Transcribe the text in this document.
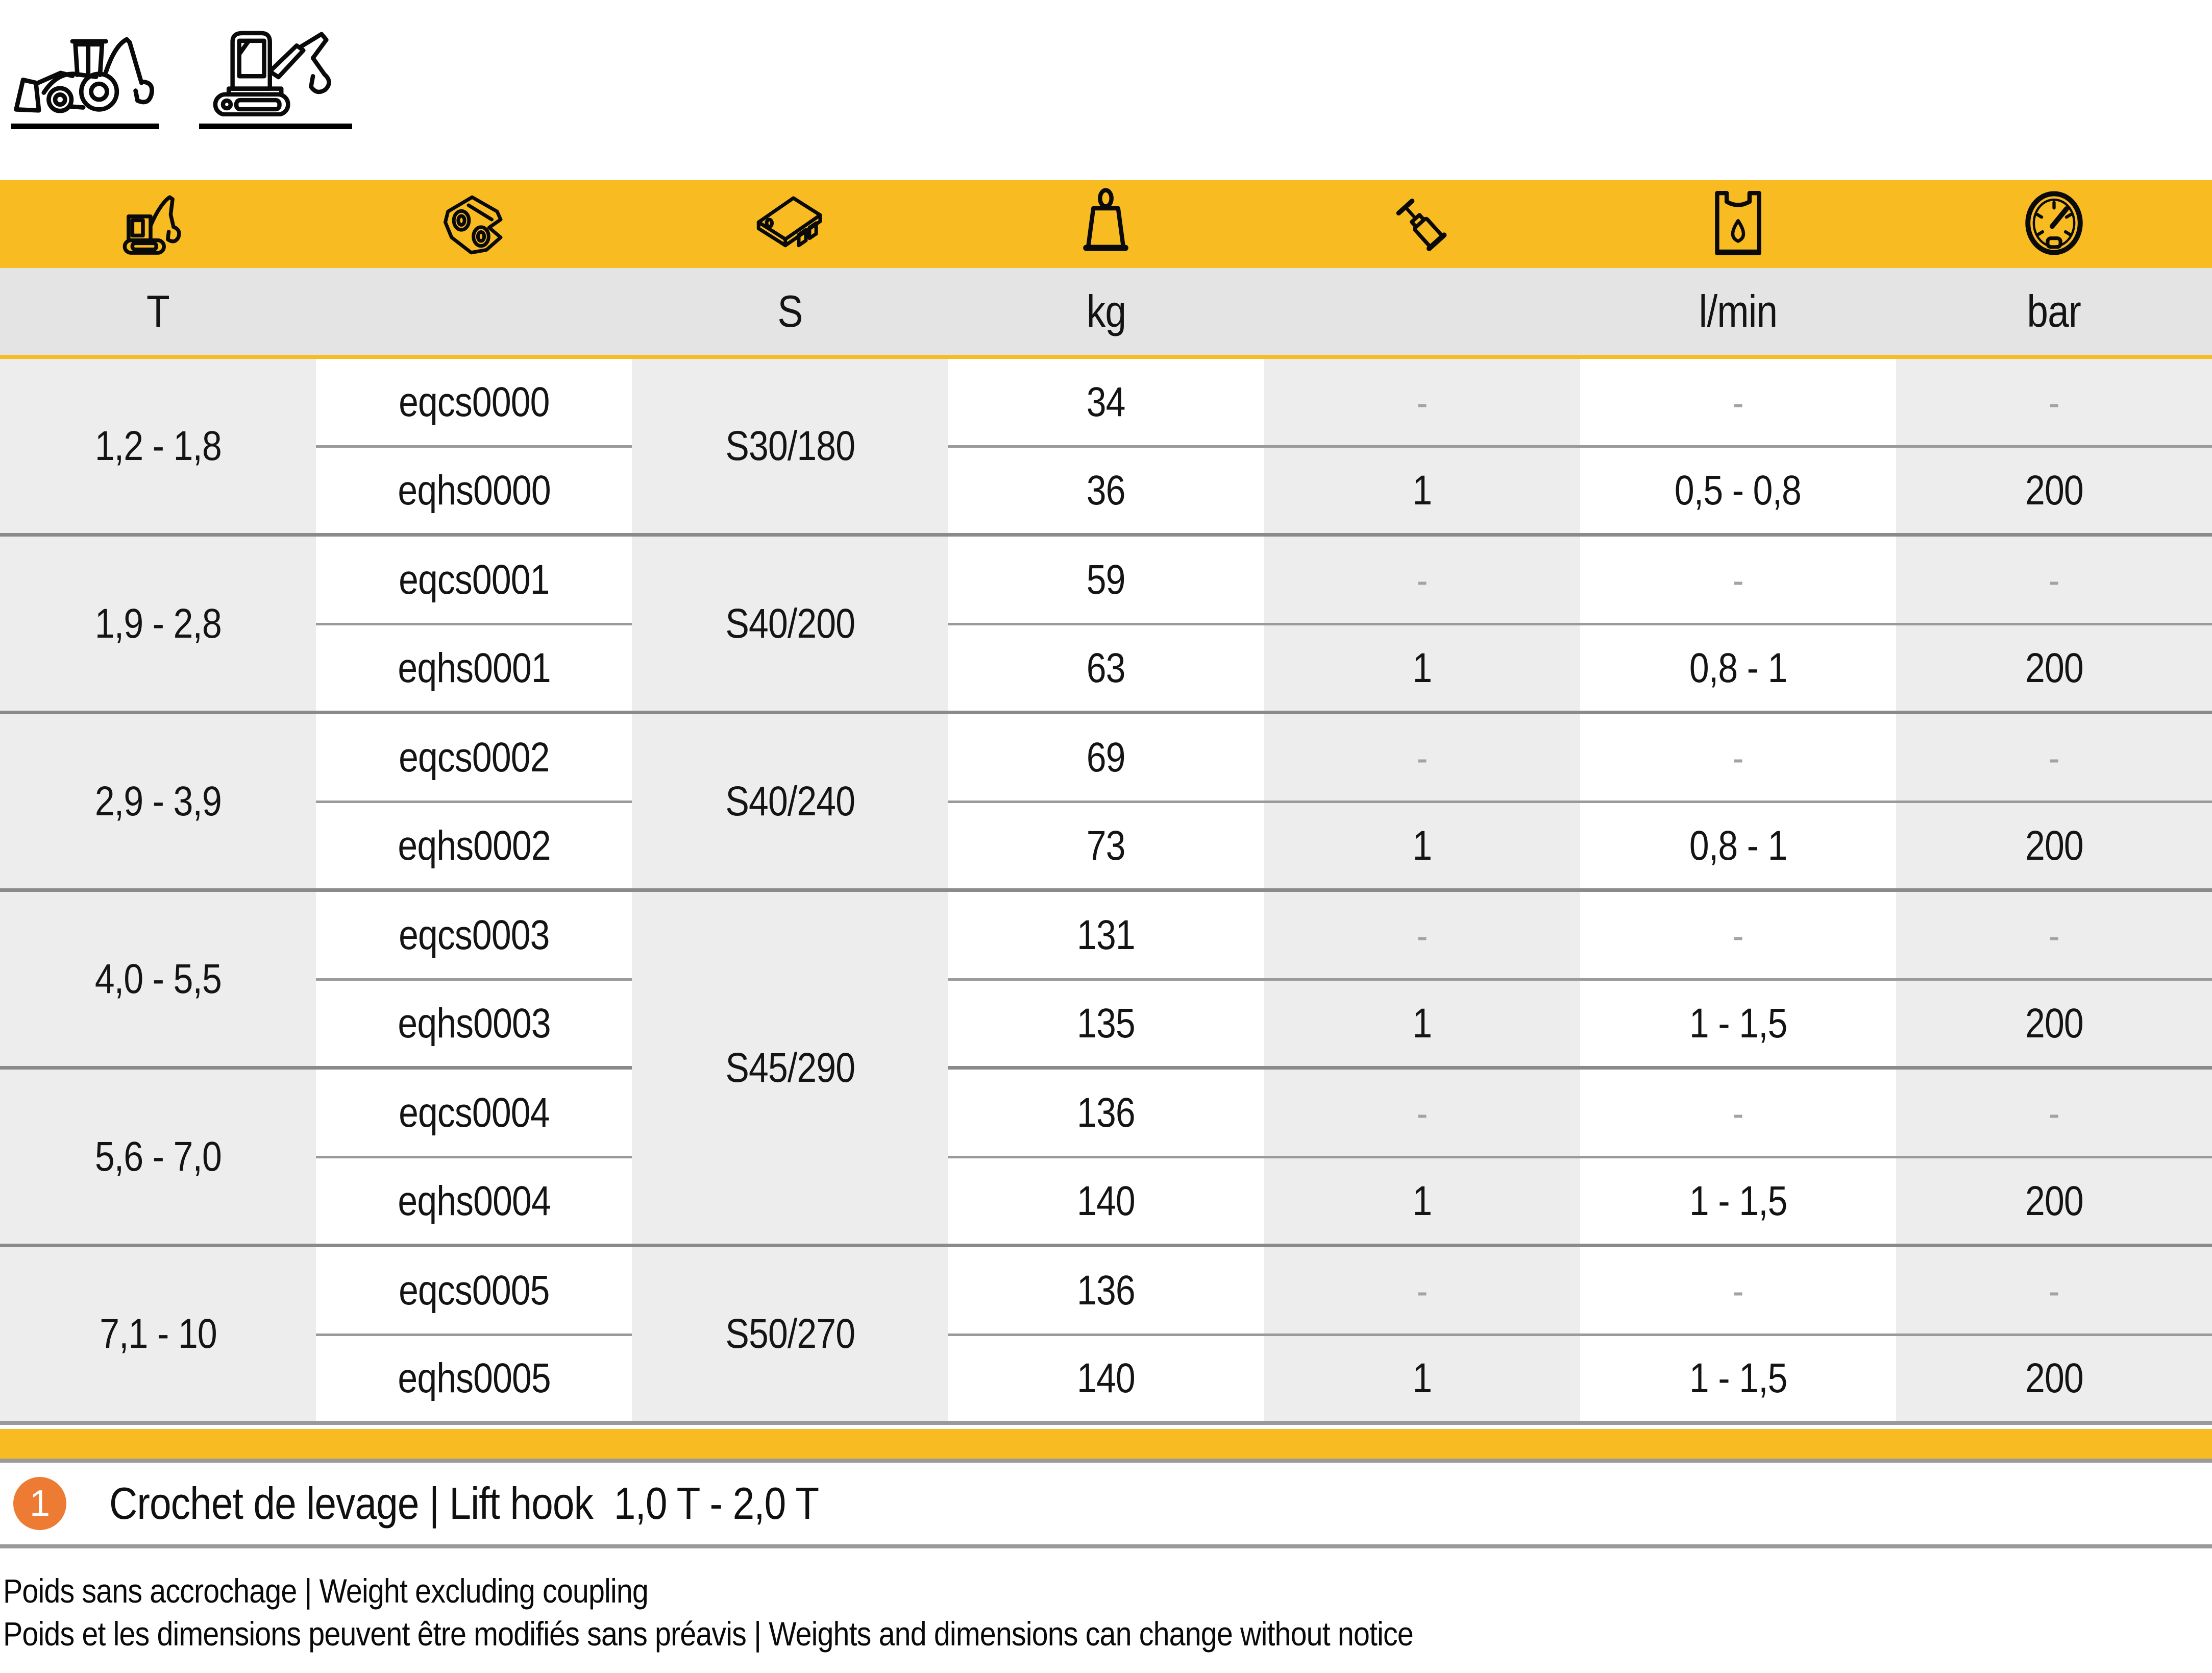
T		S	kg		l/min	bar
1,2 - 1,8	eqcs0000	S30/180	34	-	-	-
	eqhs0000		36	1	0,5 - 0,8	200
1,9 - 2,8	eqcs0001	S40/200	59	-	-	-
	eqhs0001		63	1	0,8 - 1	200
2,9 - 3,9	eqcs0002	S40/240	69	-	-	-
	eqhs0002		73	1	0,8 - 1	200
4,0 - 5,5	eqcs0003	S45/290	131	-	-	-
	eqhs0003		135	1	1 - 1,5	200
5,6 - 7,0	eqcs0004		136	-	-	-
	eqhs0004		140	1	1 - 1,5	200
7,1 - 10	eqcs0005	S50/270	136	-	-	-
	eqhs0005		140	1	1 - 1,5	200
1 Crochet de levage | Lift hook  1,0 T - 2,0 T
Poids sans accrochage | Weight excluding coupling
Poids et les dimensions peuvent être modifiés sans préavis | Weights and dimensions can change without notice
